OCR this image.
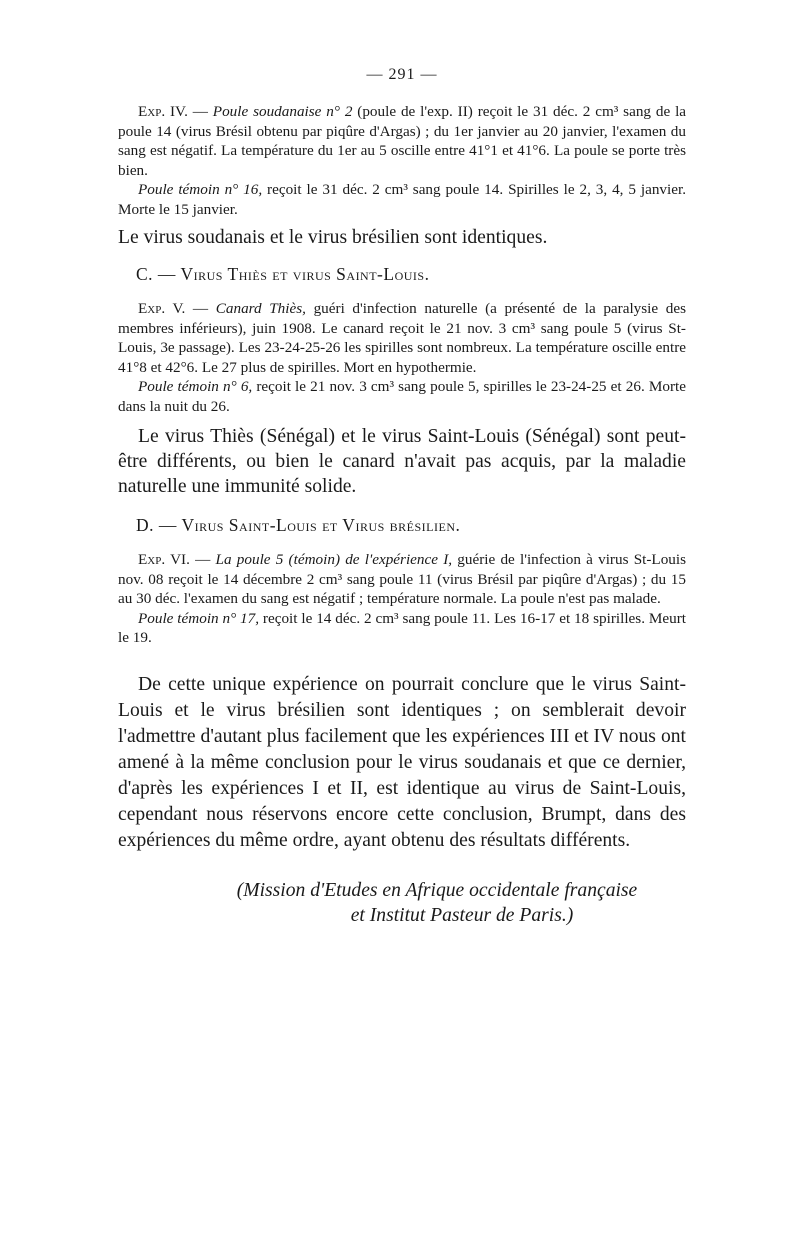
— 291 —

Exp. IV. — Poule soudanaise n° 2 (poule de l'exp. II) reçoit le 31 déc. 2 cm³ sang de la poule 14 (virus Brésil obtenu par piqûre d'Argas) ; du 1er janvier au 20 janvier, l'examen du sang est négatif. La température du 1er au 5 oscille entre 41°1 et 41°6. La poule se porte très bien.

Poule témoin n° 16, reçoit le 31 déc. 2 cm³ sang poule 14. Spirilles le 2, 3, 4, 5 janvier. Morte le 15 janvier.

Le virus soudanais et le virus brésilien sont identiques.

C. — Virus Thiès et virus Saint-Louis.

Exp. V. — Canard Thiès, guéri d'infection naturelle (a présenté de la paralysie des membres inférieurs), juin 1908. Le canard reçoit le 21 nov. 3 cm³ sang poule 5 (virus St-Louis, 3e passage). Les 23-24-25-26 les spirilles sont nombreux. La température oscille entre 41°8 et 42°6. Le 27 plus de spirilles. Mort en hypothermie.

Poule témoin n° 6, reçoit le 21 nov. 3 cm³ sang poule 5, spirilles le 23-24-25 et 26. Morte dans la nuit du 26.

Le virus Thiès (Sénégal) et le virus Saint-Louis (Sénégal) sont peut-être différents, ou bien le canard n'avait pas acquis, par la maladie naturelle une immunité solide.

D. — Virus Saint-Louis et Virus brésilien.

Exp. VI. — La poule 5 (témoin) de l'expérience I, guérie de l'infection à virus St-Louis nov. 08 reçoit le 14 décembre 2 cm³ sang poule 11 (virus Brésil par piqûre d'Argas) ; du 15 au 30 déc. l'examen du sang est négatif ; température normale. La poule n'est pas malade.

Poule témoin n° 17, reçoit le 14 déc. 2 cm³ sang poule 11. Les 16-17 et 18 spirilles. Meurt le 19.

De cette unique expérience on pourrait conclure que le virus Saint-Louis et le virus brésilien sont identiques ; on semblerait devoir l'admettre d'autant plus facilement que les expériences III et IV nous ont amené à la même conclusion pour le virus soudanais et que ce dernier, d'après les expériences I et II, est identique au virus de Saint-Louis, cependant nous réservons encore cette conclusion, Brumpt, dans des expériences du même ordre, ayant obtenu des résultats différents.

(Mission d'Etudes en Afrique occidentale française
et Institut Pasteur de Paris.)
